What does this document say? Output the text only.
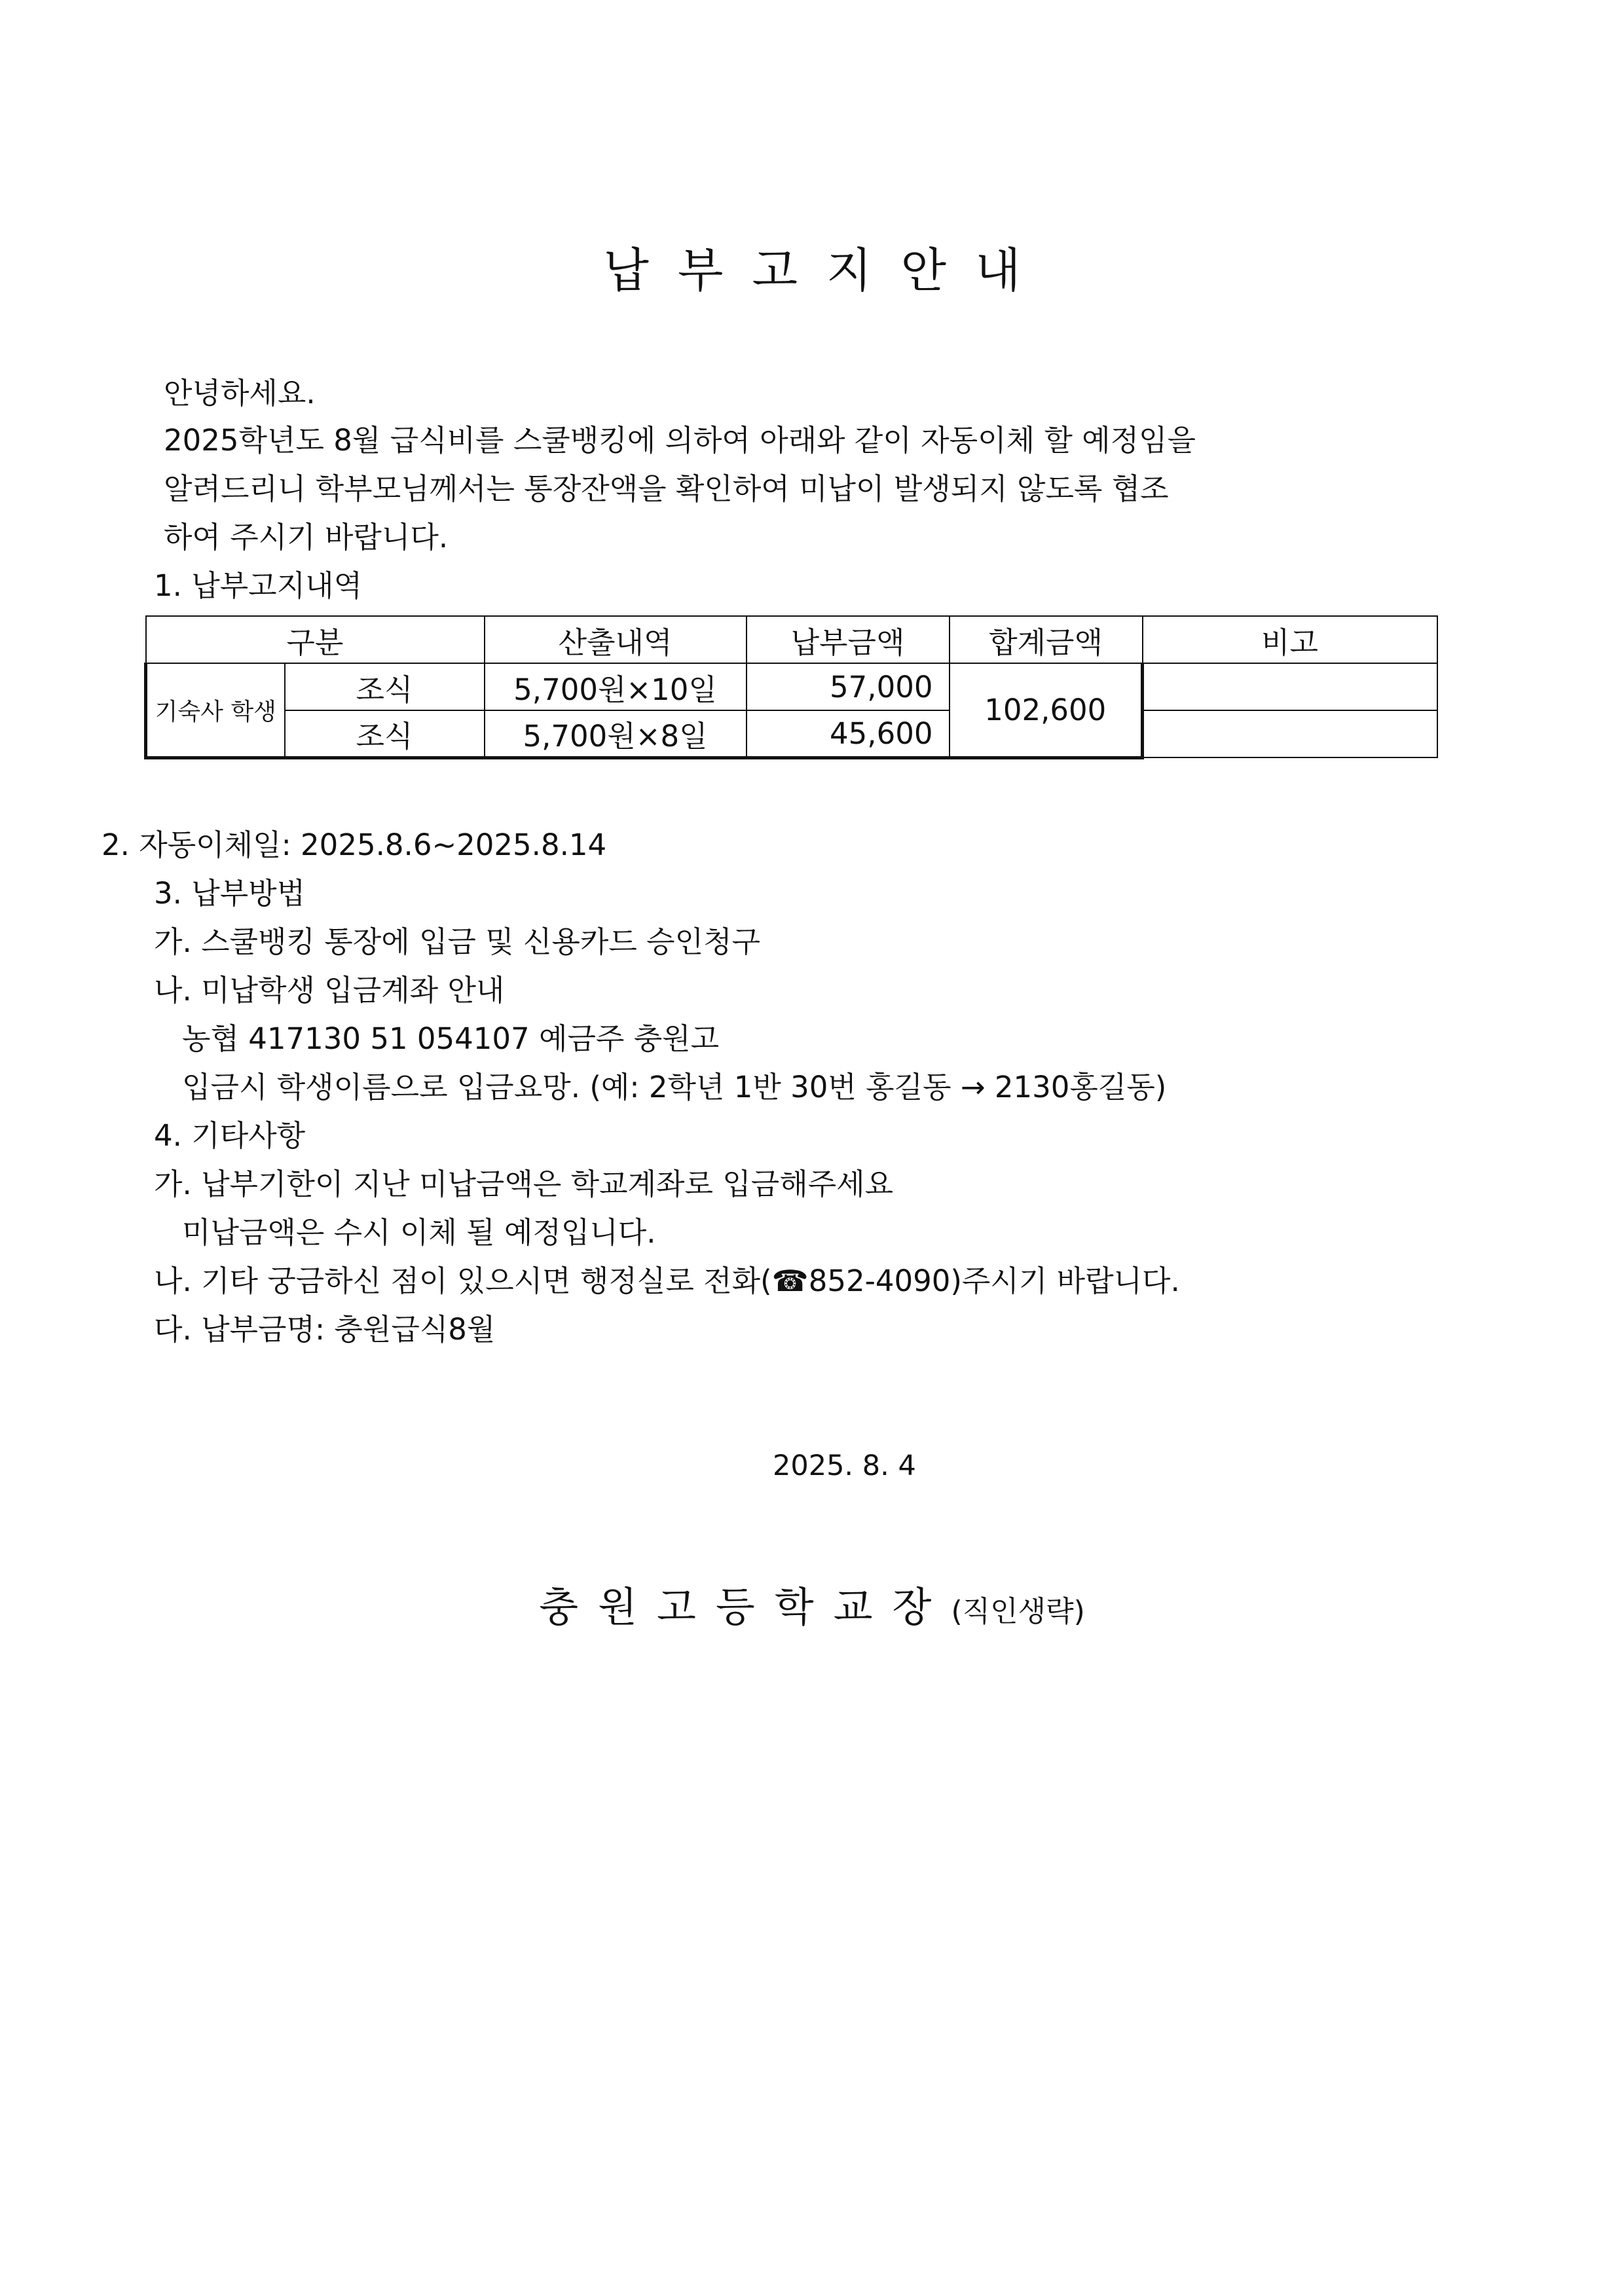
납부고지안내
안녕하세요.
2025학년도 8월 급식비를 스쿨뱅킹에 의하여 아래와 같이 자동이체 할 예정임을
알려드리니 학부모님께서는 통장잔액을 확인하여 미납이 발생되지 않도록 협조
하여 주시기 바랍니다.
1. 납부고지내역
구분		산출내역	납부금액	합계금액	비고
기숙사 학생	조식	5,700원×10일	57,000	102,600	
	조식	5,700원×8일	45,600		
2. 자동이체일: 2025.8.6~2025.8.14
3. 납부방법
가. 스쿨뱅킹 통장에 입금 및 신용카드 승인청구
나. 미납학생 입금계좌 안내
농협 417130 51 054107 예금주 충원고
입금시 학생이름으로 입금요망. (예: 2학년 1반 30번 홍길동 → 2130홍길동)
4. 기타사항
가. 납부기한이 지난 미납금액은 학교계좌로 입금해주세요
미납금액은 수시 이체 될 예정입니다.
나. 기타 궁금하신 점이 있으시면 행정실로 전화(☎852-4090)주시기 바랍니다.
다. 납부금명: 충원급식8월
2025. 8. 4
충원고등학교장(직인생략)
